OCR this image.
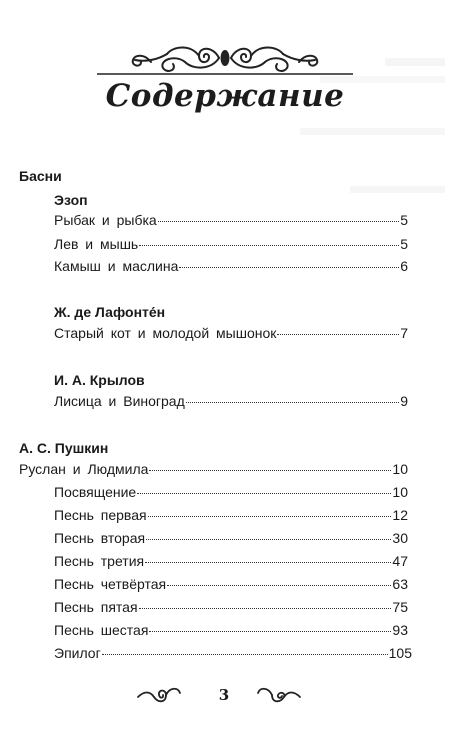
Содержание
Басни
Эзоп
Рыбак и рыбка	5
Лев и мышь	5
Камыш и маслина	6
Ж. де Лафонте́н
Старый кот и молодой мышонок	7
И. А. Крылов
Лисица и Виноград	9
А. С. Пушкин
Руслан и Людмила	10
Посвящение	10
Песнь первая	12
Песнь вторая	30
Песнь третия	47
Песнь четвёртая	63
Песнь пятая	75
Песнь шестая	93
Эпилог	105
3
